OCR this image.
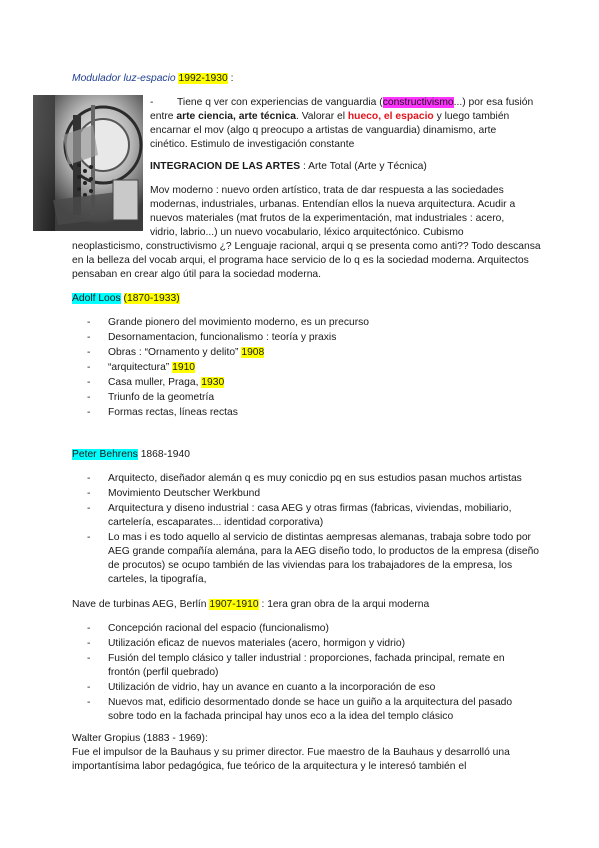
Modulador luz-espacio 1992-1930 :
- Tiene q ver con experiencias de vanguardia (constructivismo...) por esa fusión
entre arte ciencia, arte técnica. Valorar el hueco, el espacio y luego también
encarnar el mov (algo q preocupo a artistas de vanguardia) dinamismo, arte
cinético. Estimulo de investigación constante
INTEGRACION DE LAS ARTES : Arte Total (Arte y Técnica)
Mov moderno : nuevo orden artístico, trata de dar respuesta a las sociedades
modernas, industriales, urbanas. Entendían ellos la nueva arquitectura. Acudir a
nuevos materiales (mat frutos de la experimentación, mat industriales : acero,
vidrio, labrio...) un nuevo vocabulario, léxico arquitectónico. Cubismo
neoplasticismo, constructivismo ¿? Lenguaje racional, arqui q se presenta como anti?? Todo descansa
en la belleza del vocab arqui, el programa hace servicio de lo q es la sociedad moderna. Arquitectos
pensaban en crear algo útil para la sociedad moderna.
Adolf Loos (1870-1933)
- Grande pionero del movimiento moderno, es un precurso
- Desornamentacion, funcionalismo : teoría y praxis
- Obras : “Ornamento y delito” 1908
- “arquitectura” 1910
- Casa muller, Praga, 1930
- Triunfo de la geometría
- Formas rectas, líneas rectas
Peter Behrens 1868-1940
- Arquitecto, diseñador alemán q es muy conicdio pq en sus estudios pasan muchos artistas
- Movimiento Deutscher Werkbund
- Arquitectura y diseno industrial : casa AEG y otras firmas (fabricas, viviendas, mobiliario,
cartelería, escaparates... identidad corporativa)
- Lo mas i es todo aquello al servicio de distintas aempresas alemanas, trabaja sobre todo por
AEG grande compañía alemána, para la AEG diseño todo, lo productos de la empresa (diseño
de procutos) se ocupo también de las viviendas para los trabajadores de la empresa, los
carteles, la tipografía,
Nave de turbinas AEG, Berlín 1907-1910 : 1era gran obra de la arqui moderna
- Concepción racional del espacio (funcionalismo)
- Utilización eficaz de nuevos materiales (acero, hormigon y vidrio)
- Fusión del templo clásico y taller industrial : proporciones, fachada principal, remate en
frontón (perfil quebrado)
- Utilización de vidrio, hay un avance en cuanto a la incorporación de eso
- Nuevos mat, edificio desormentado donde se hace un guiño a la arquitectura del pasado
sobre todo en la fachada principal hay unos eco a la idea del templo clásico
Walter Gropius (1883 - 1969):
Fue el impulsor de la Bauhaus y su primer director. Fue maestro de la Bauhaus y desarrolló una
importantísima labor pedagógica, fue teórico de la arquitectura y le interesó también el
